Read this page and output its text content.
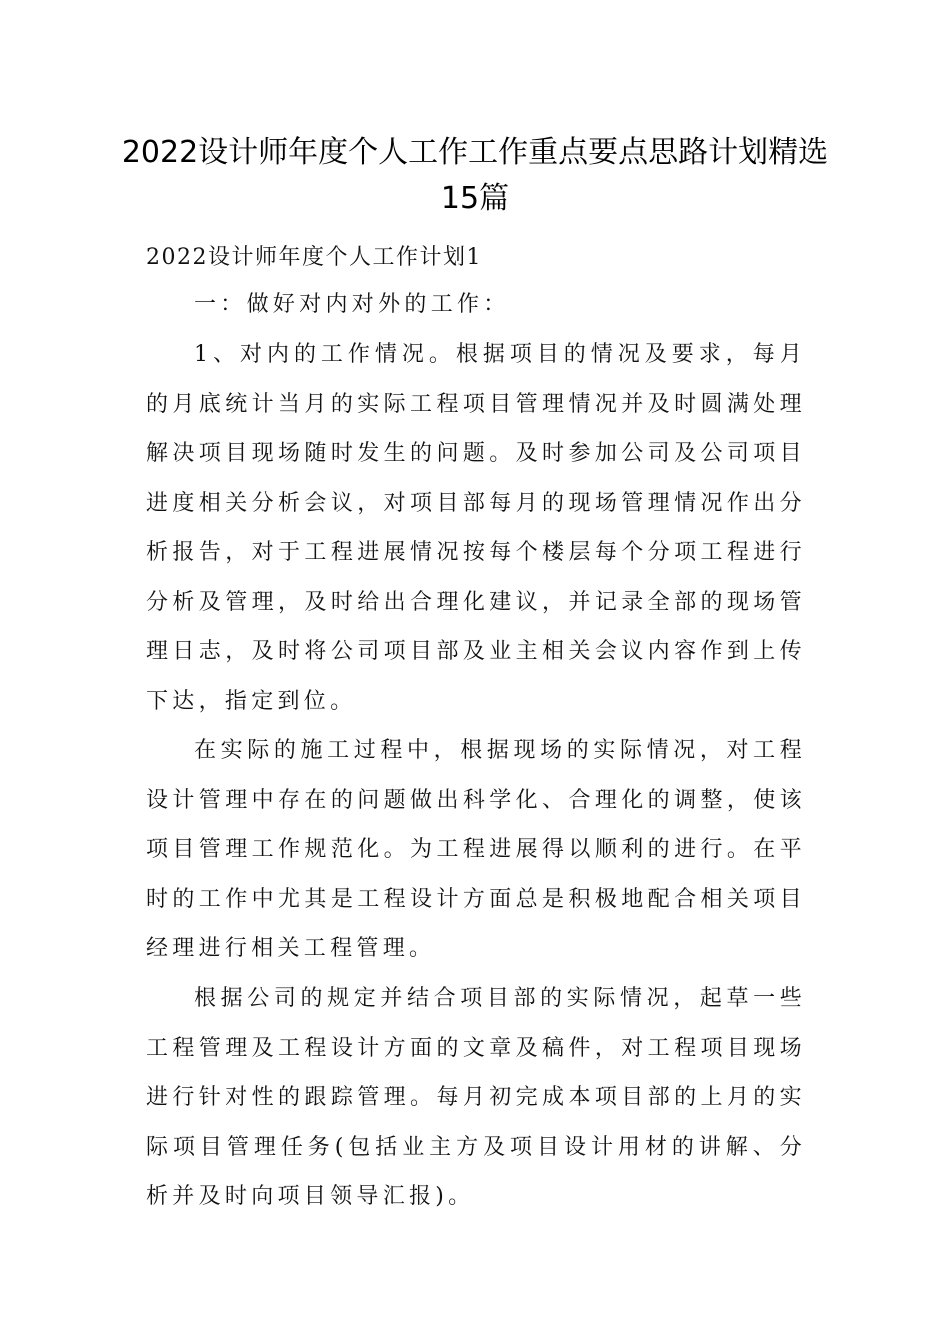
2022设计师年度个人工作工作重点要点思路计划精选15篇

2022设计师年度个人工作计划1

一：做好对内对外的工作：

1、对内的工作情况。根据项目的情况及要求，每月的月底统计当月的实际工程项目管理情况并及时圆满处理解决项目现场随时发生的问题。及时参加公司及公司项目进度相关分析会议，对项目部每月的现场管理情况作出分析报告，对于工程进展情况按每个楼层每个分项工程进行分析及管理，及时给出合理化建议，并记录全部的现场管理日志，及时将公司项目部及业主相关会议内容作到上传下达，指定到位。

在实际的施工过程中，根据现场的实际情况，对工程设计管理中存在的问题做出科学化、合理化的调整，使该项目管理工作规范化。为工程进展得以顺利的进行。在平时的工作中尤其是工程设计方面总是积极地配合相关项目经理进行相关工程管理。

根据公司的规定并结合项目部的实际情况，起草一些工程管理及工程设计方面的文章及稿件，对工程项目现场进行针对性的跟踪管理。每月初完成本项目部的上月的实际项目管理任务(包括业主方及项目设计用材的讲解、分析并及时向项目领导汇报)。
